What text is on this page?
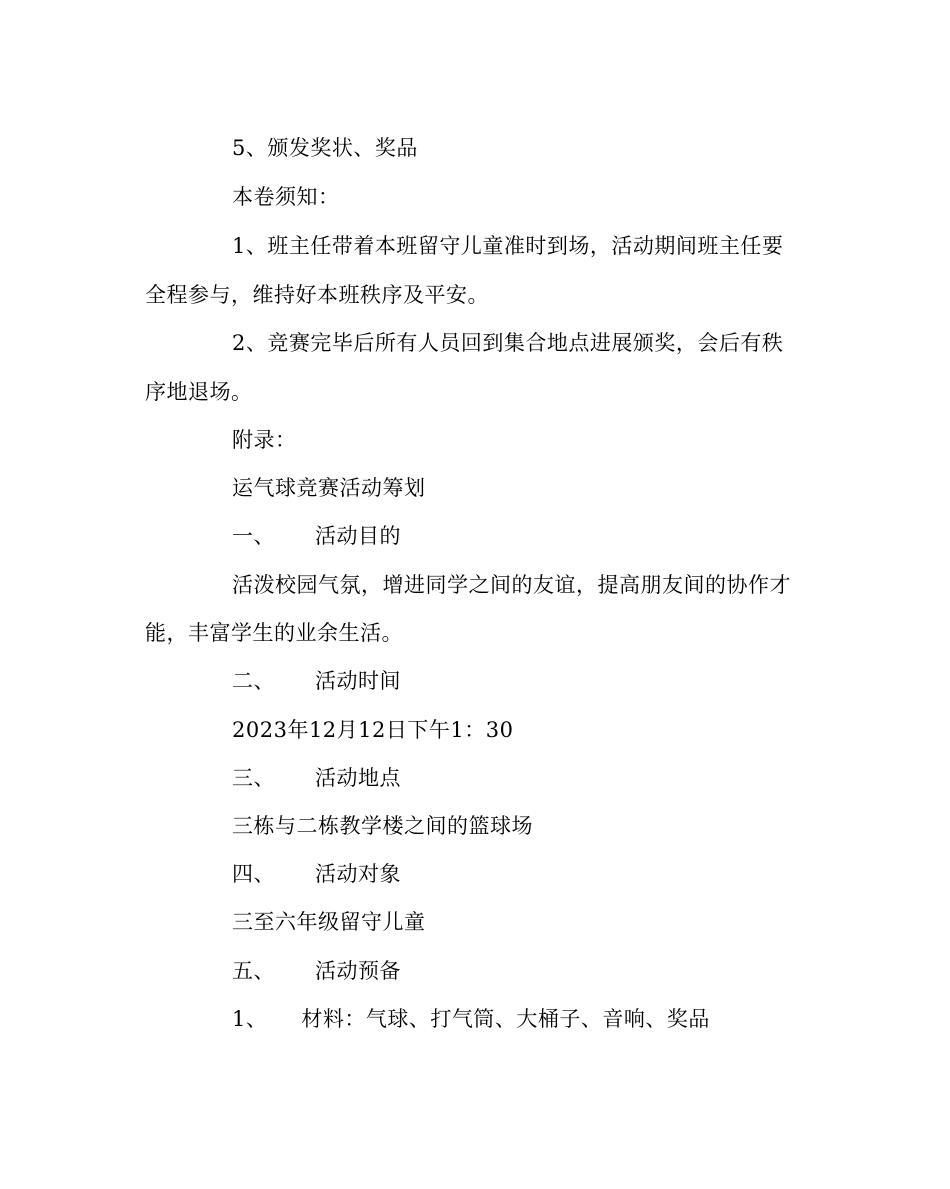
5、颁发奖状、奖品
本卷须知：
1、班主任带着本班留守儿童准时到场，活动期间班主任要
全程参与，维持好本班秩序及平安。
2、竞赛完毕后所有人员回到集合地点进展颁奖，会后有秩
序地退场。
附录：
运气球竞赛活动筹划
一、 活动目的
活泼校园气氛，增进同学之间的友谊，提高朋友间的协作才
能，丰富学生的业余生活。
二、 活动时间
2023年12月12日下午1：30
三、 活动地点
三栋与二栋教学楼之间的篮球场
四、 活动对象
三至六年级留守儿童
五、 活动预备
1、 材料：气球、打气筒、大桶子、音响、奖品
